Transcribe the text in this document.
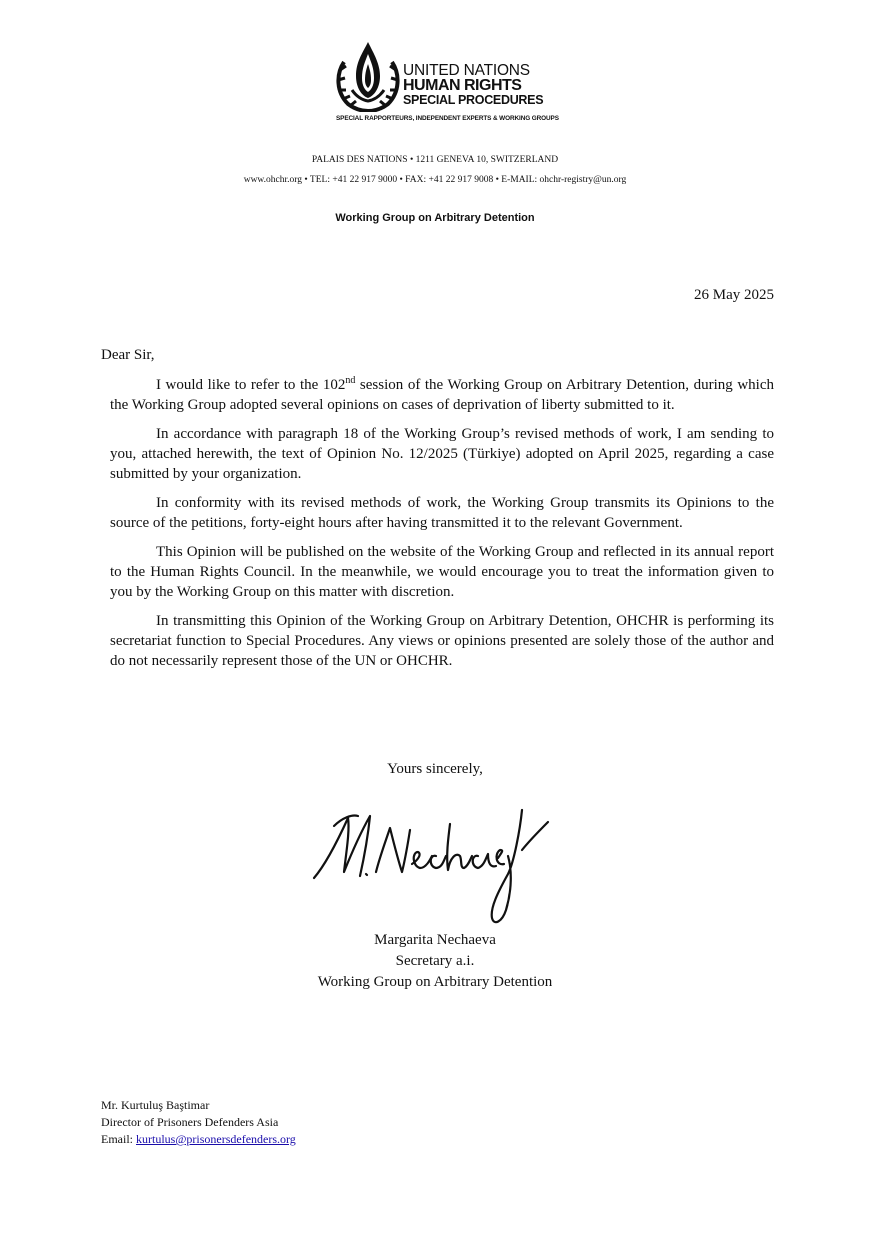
UNITED NATIONS
HUMAN RIGHTS
SPECIAL PROCEDURES
SPECIAL RAPPORTEURS, INDEPENDENT EXPERTS & WORKING GROUPS
PALAIS DES NATIONS • 1211 GENEVA 10, SWITZERLAND
www.ohchr.org • TEL: +41 22 917 9000 • FAX: +41 22 917 9008 • E-MAIL: ohchr-registry@un.org
Working Group on Arbitrary Detention
26 May 2025
Dear Sir,

I would like to refer to the 102nd session of the Working Group on Arbitrary Detention, during which the Working Group adopted several opinions on cases of deprivation of liberty submitted to it.

In accordance with paragraph 18 of the Working Group’s revised methods of work, I am sending to you, attached herewith, the text of Opinion No. 12/2025 (Türkiye) adopted on April 2025, regarding a case submitted by your organization.

In conformity with its revised methods of work, the Working Group transmits its Opinions to the source of the petitions, forty-eight hours after having transmitted it to the relevant Government.

This Opinion will be published on the website of the Working Group and reflected in its annual report to the Human Rights Council. In the meanwhile, we would encourage you to treat the information given to you by the Working Group on this matter with discretion.

In transmitting this Opinion of the Working Group on Arbitrary Detention, OHCHR is performing its secretariat function to Special Procedures. Any views or opinions presented are solely those of the author and do not necessarily represent those of the UN or OHCHR.

Yours sincerely,
Margarita Nechaeva
Secretary a.i.
Working Group on Arbitrary Detention
Mr. Kurtuluş Baştimar
Director of Prisoners Defenders Asia
Email: kurtulus@prisonersdefenders.org
